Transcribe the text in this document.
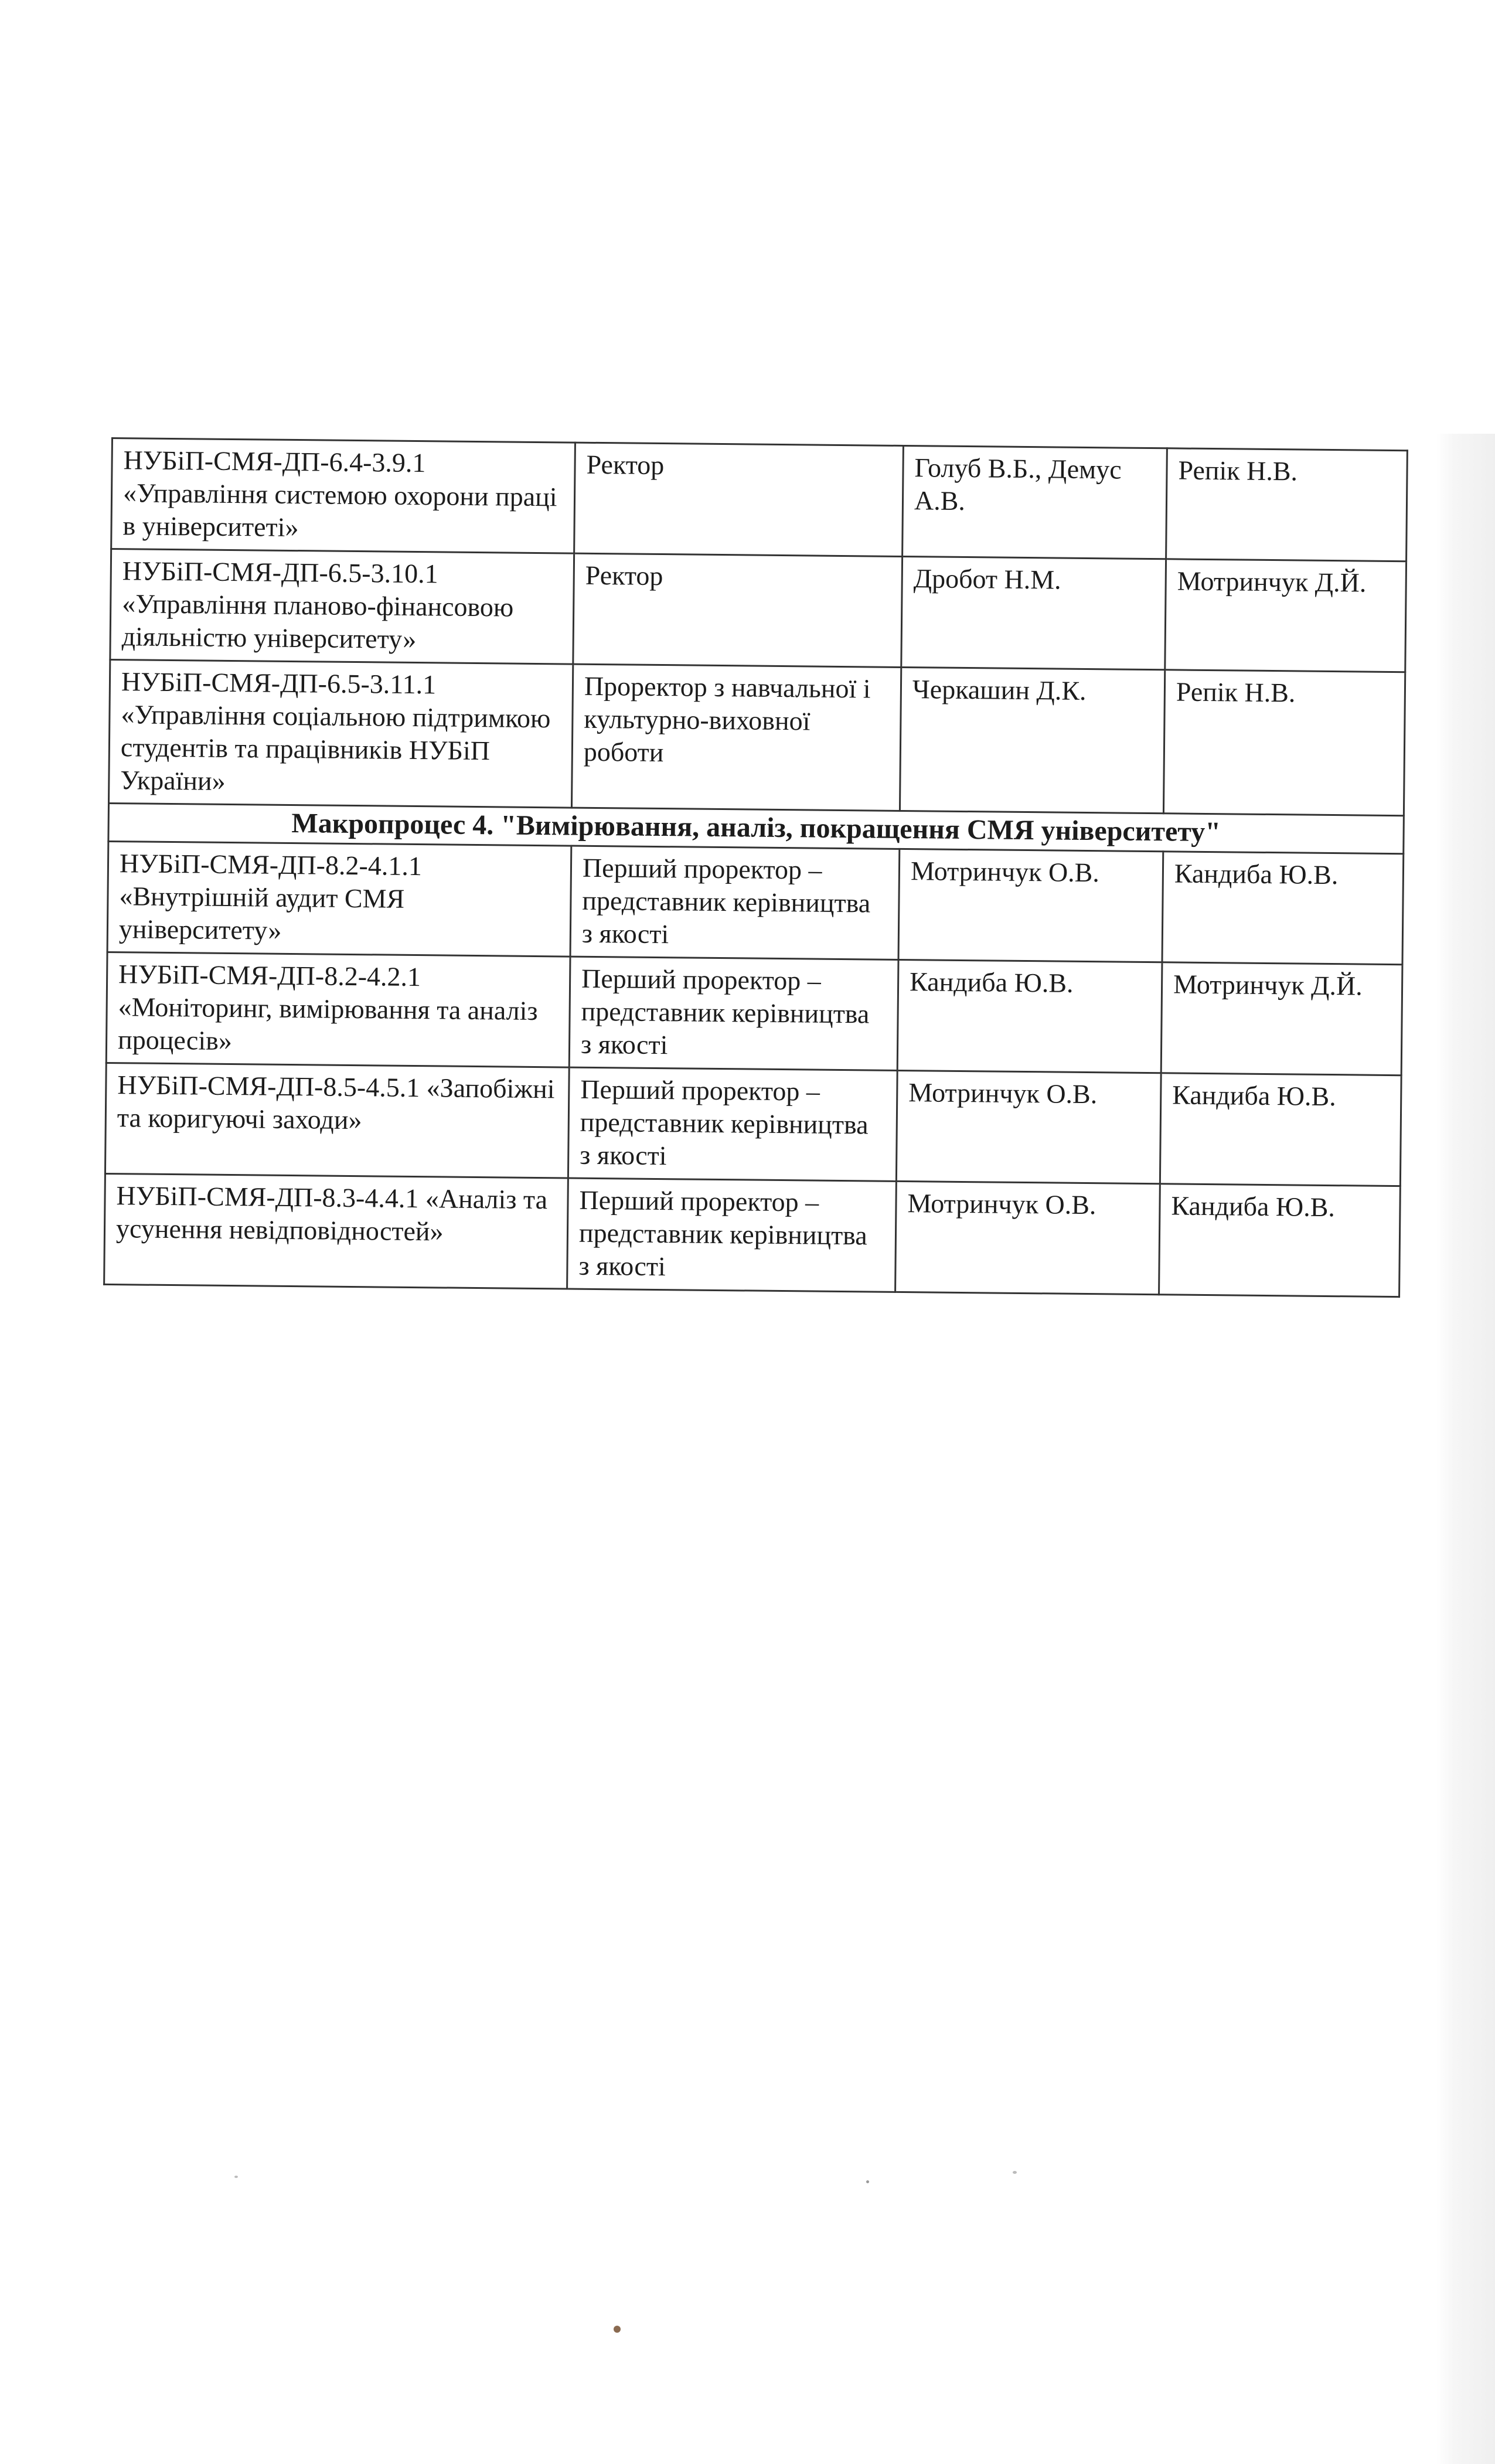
НУБіП-СМЯ-ДП-6.4-3.9.1 «Управління системою охорони праці в університеті»	Ректор	Голуб В.Б., Демус А.В.	Репік Н.В.
НУБіП-СМЯ-ДП-6.5-3.10.1 «Управління планово-фінансовою діяльністю університету»	Ректор	Дробот Н.М.	Мотринчук Д.Й.
НУБіП-СМЯ-ДП-6.5-3.11.1 «Управління соціальною підтримкою студентів та працівників НУБіП України»	Проректор з навчальної і культурно-виховної роботи	Черкашин Д.К.	Репік Н.В.
Макропроцес 4. "Вимірювання, аналіз, покращення СМЯ університету"			
НУБіП-СМЯ-ДП-8.2-4.1.1 «Внутрішній аудит СМЯ університету»	Перший проректор – представник керівництва з якості	Мотринчук О.В.	Кандиба Ю.В.
НУБіП-СМЯ-ДП-8.2-4.2.1 «Моніторинг, вимірювання та аналіз процесів»	Перший проректор – представник керівництва з якості	Кандиба Ю.В.	Мотринчук Д.Й.
НУБіП-СМЯ-ДП-8.5-4.5.1 «Запобіжні та коригуючі заходи»	Перший проректор – представник керівництва з якості	Мотринчук О.В.	Кандиба Ю.В.
НУБіП-СМЯ-ДП-8.3-4.4.1 «Аналіз та усунення невідповідностей»	Перший проректор – представник керівництва з якості	Мотринчук О.В.	Кандиба Ю.В.
